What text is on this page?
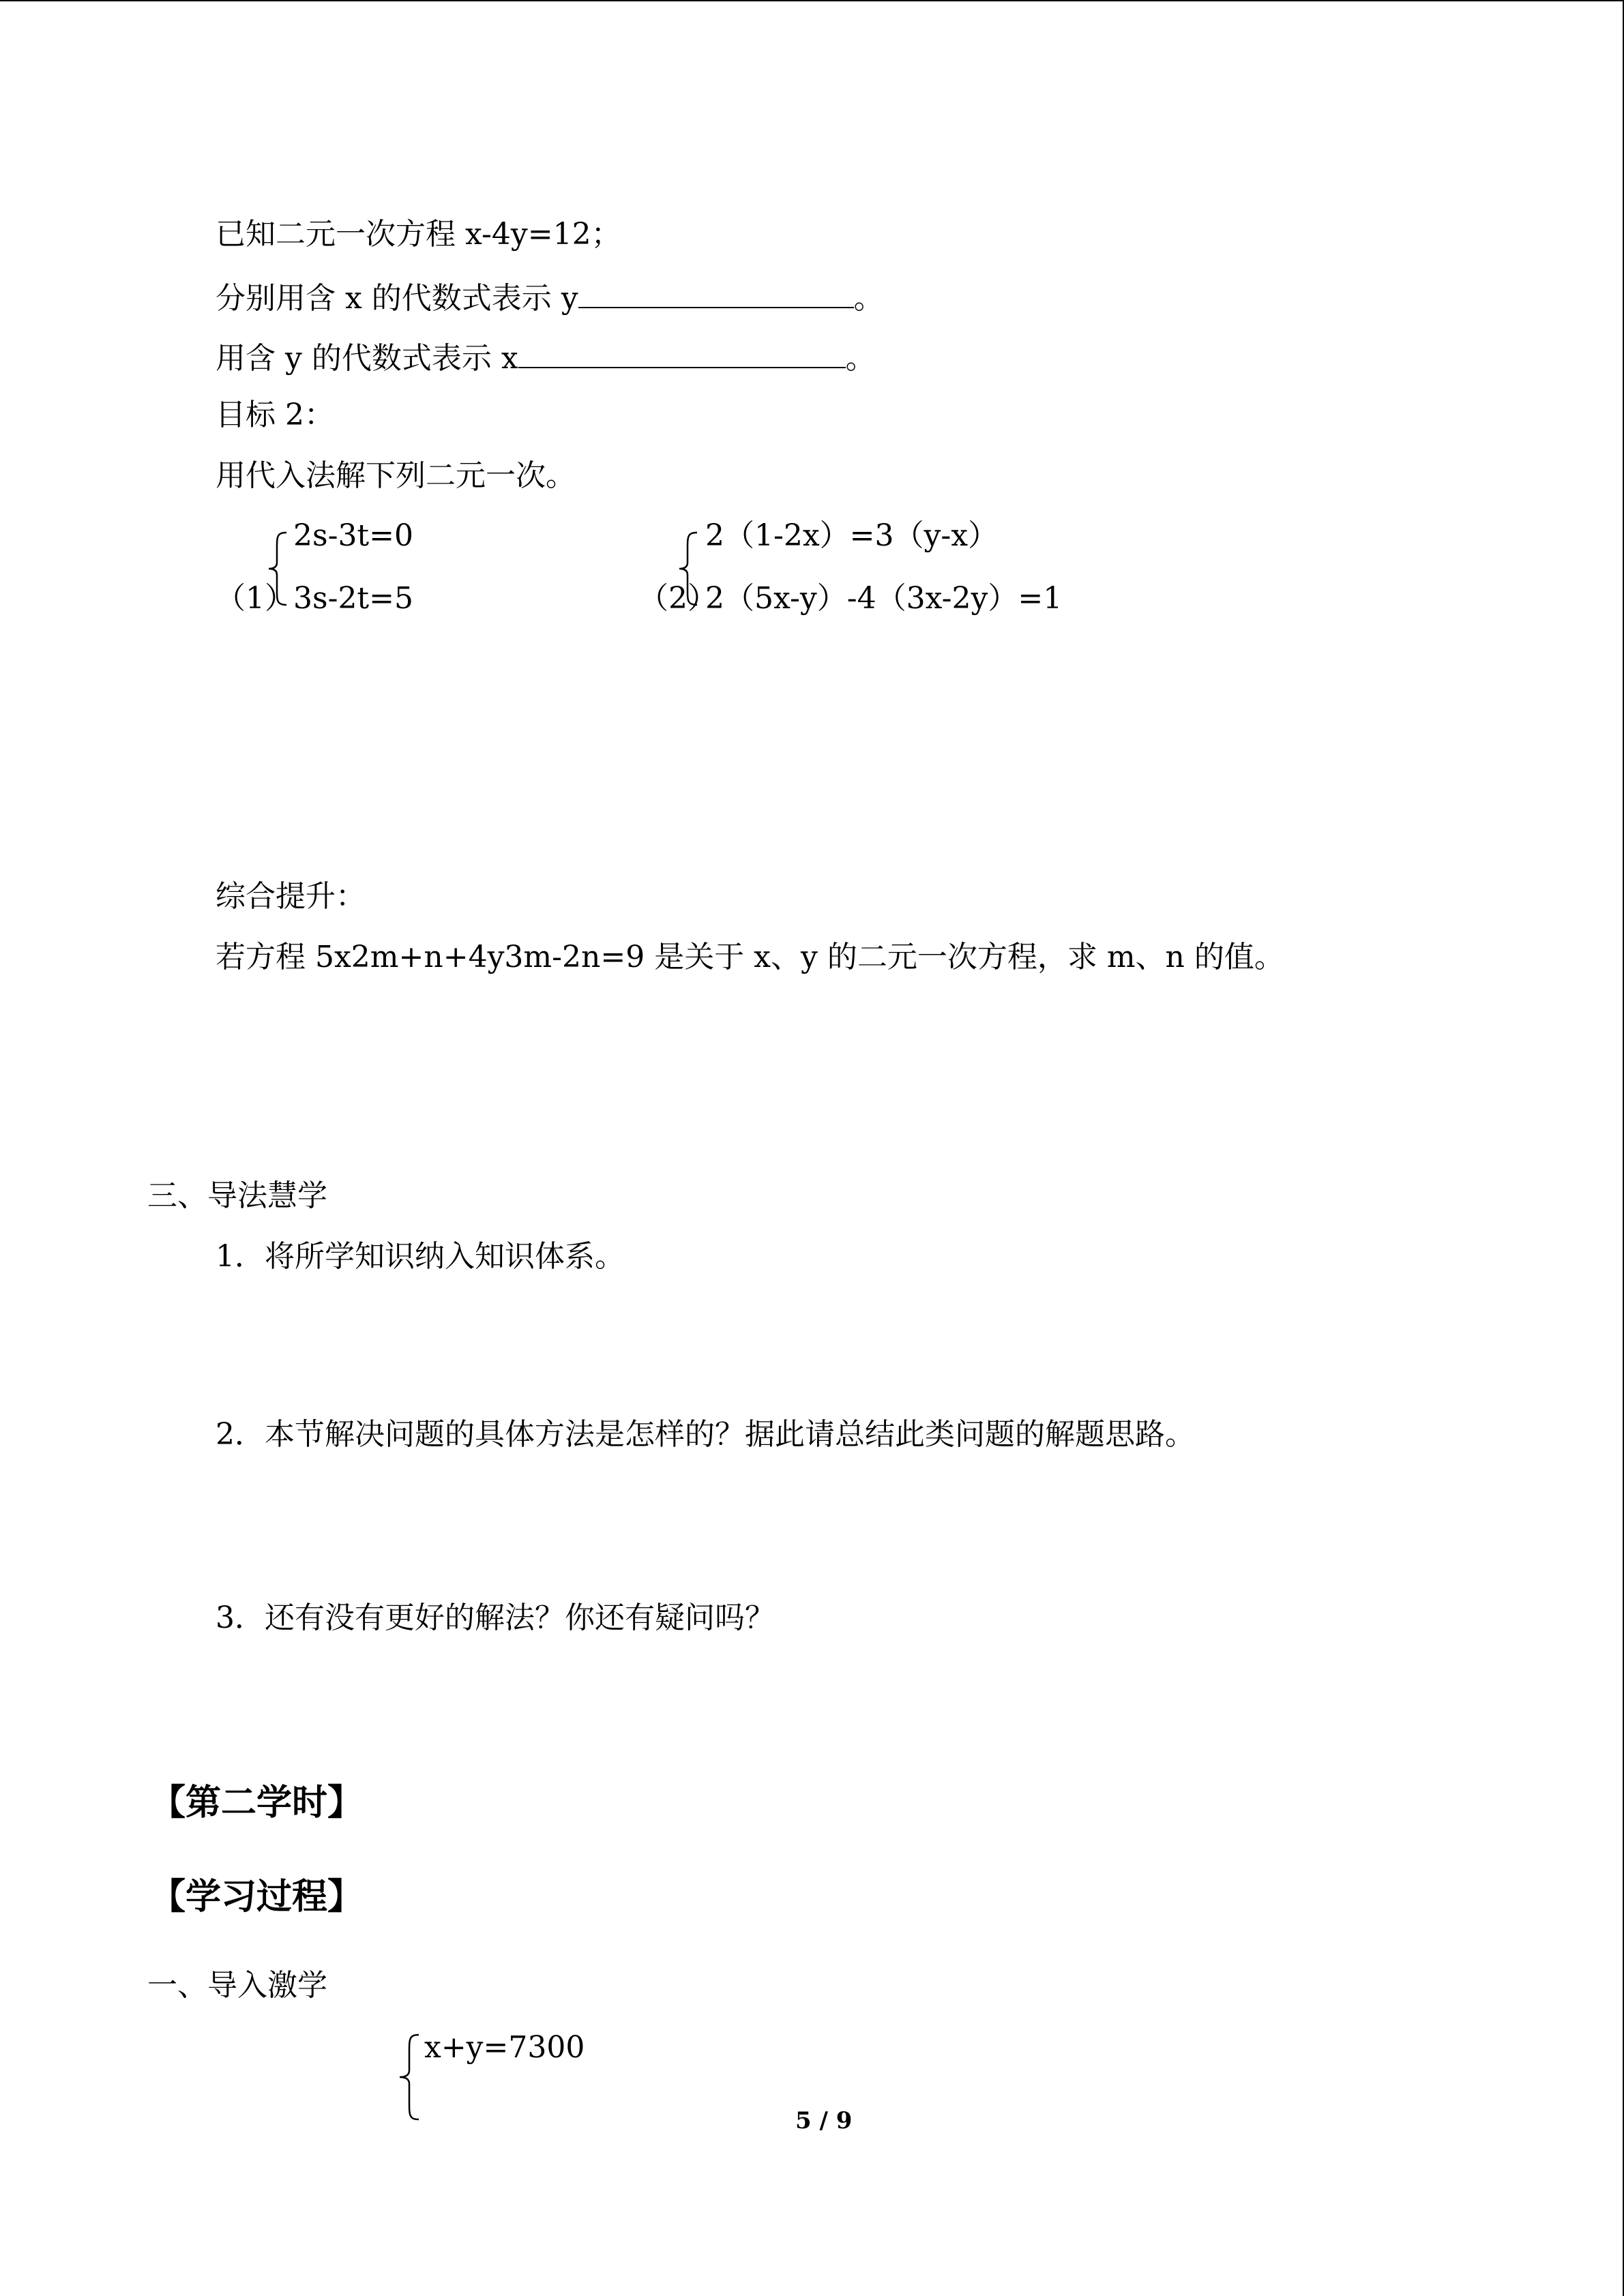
已知二元一次方程 x-4y=12；
分别用含 x 的代数式表示 y	。
用含 y 的代数式表示 x	。
目标 2：
用代入法解下列二元一次。
（1）
2s-3t=0
3s-2t=5	（2）
2（1-2x）=3（y-x）
2（5x-y）-4（3x-2y）=1
综合提升：
若方程 5x2m+n+4y3m-2n=9 是关于 x、y 的二元一次方程，求 m、n 的值。
三、导法慧学
1．将所学知识纳入知识体系。
2．本节解决问题的具体方法是怎样的？据此请总结此类问题的解题思路。
3．还有没有更好的解法？你还有疑问吗？
【第二学时】
【学习过程】
一、导入激学
x+y=7300
5 / 9
